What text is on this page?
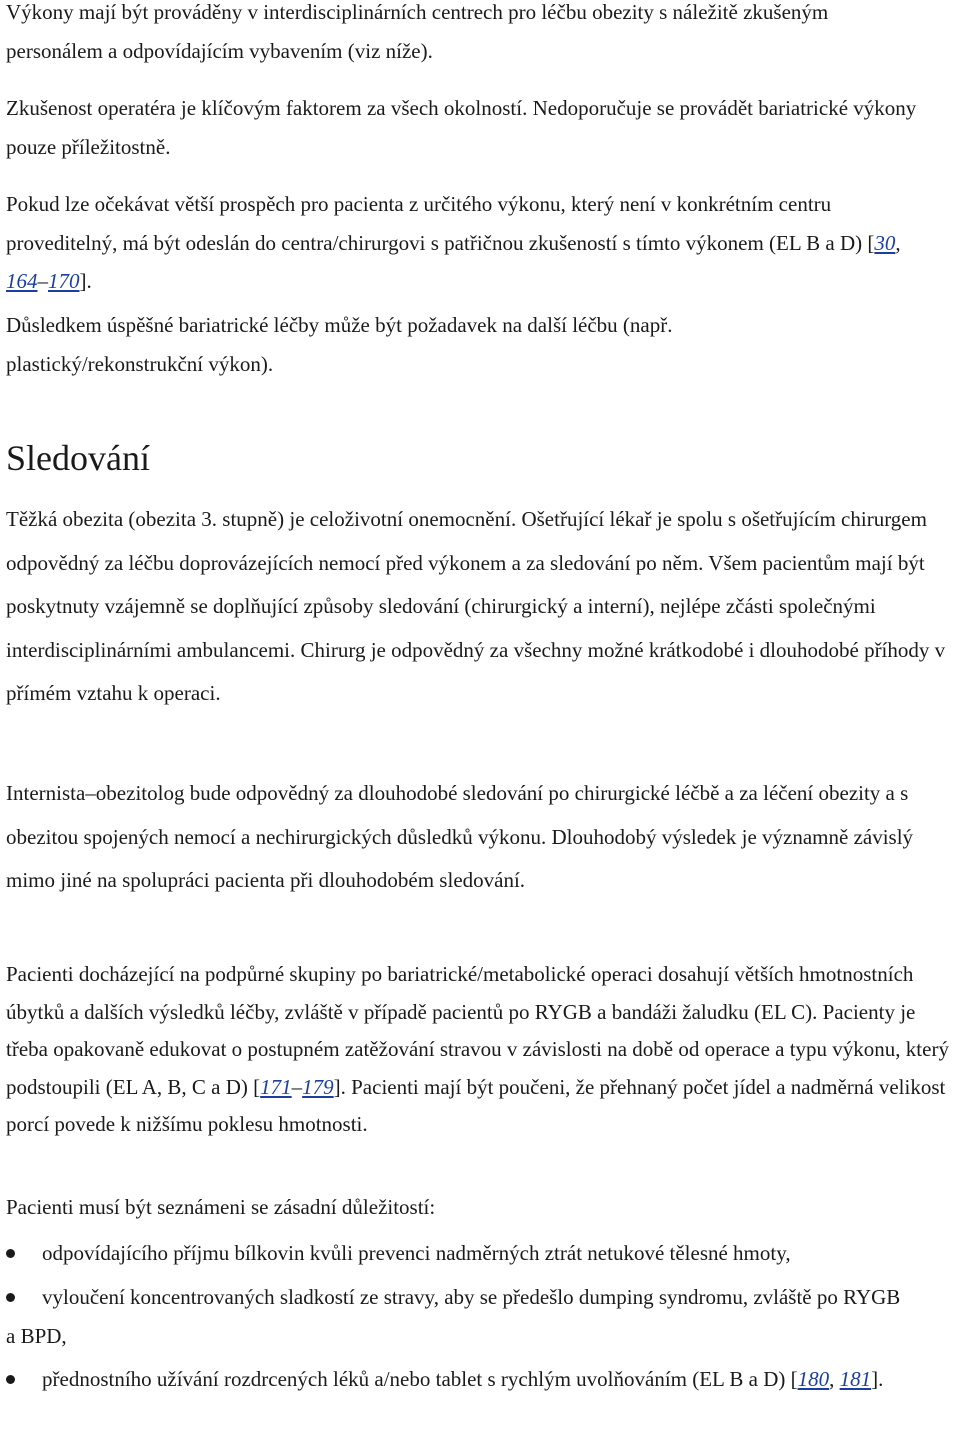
Výkony mají být prováděny v interdisciplinárních centrech pro léčbu obezity s náležitě zkušeným personálem a odpovídajícím vybavením (viz níže).

Zkušenost operatéra je klíčovým faktorem za všech okolností. Nedoporučuje se provádět bariatrické výkony pouze příležitostně.

Pokud lze očekávat větší prospěch pro pacienta z určitého výkonu, který není v konkrétním centru proveditelný, má být odeslán do centra/chirurgovi s patřičnou zkušeností s tímto výkonem (EL B a D) [30, 164–170].

Důsledkem úspěšné bariatrické léčby může být požadavek na další léčbu (např. plastický/rekonstrukční výkon).

Sledování

Těžká obezita (obezita 3. stupně) je celoživotní onemocnění. Ošetřující lékař je spolu s ošetřujícím chirurgem odpovědný za léčbu doprovázejících nemocí před výkonem a za sledování po něm. Všem pacientům mají být poskytnuty vzájemně se doplňující způsoby sledování (chirurgický a interní), nejlépe zčásti společnými interdisciplinárními ambulancemi. Chirurg je odpovědný za všechny možné krátkodobé i dlouhodobé příhody v přímém vztahu k operaci.

Internista–obezitolog bude odpovědný za dlouhodobé sledování po chirurgické léčbě a za léčení obezity a s obezitou spojených nemocí a nechirurgických důsledků výkonu. Dlouhodobý výsledek je významně závislý mimo jiné na spolupráci pacienta při dlouhodobém sledování.

Pacienti docházející na podpůrné skupiny po bariatrické/metabolické operaci dosahují větších hmotnostních úbytků a dalších výsledků léčby, zvláště v případě pacientů po RYGB a bandáži žaludku (EL C). Pacienty je třeba opakovaně edukovat o postupném zatěžování stravou v závislosti na době od operace a typu výkonu, který podstoupili (EL A, B, C a D) [171–179]. Pacienti mají být poučeni, že přehnaný počet jídel a nadměrná velikost porcí povede k nižšímu poklesu hmotnosti.

Pacienti musí být seznámeni se zásadní důležitostí:

odpovídajícího příjmu bílkovin kvůli prevenci nadměrných ztrát netukové tělesné hmoty,

vyloučení koncentrovaných sladkostí ze stravy, aby se předešlo dumping syndromu, zvláště po RYGB a BPD,

přednostního užívání rozdrcených léků a/nebo tablet s rychlým uvolňováním (EL B a D) [180, 181].
